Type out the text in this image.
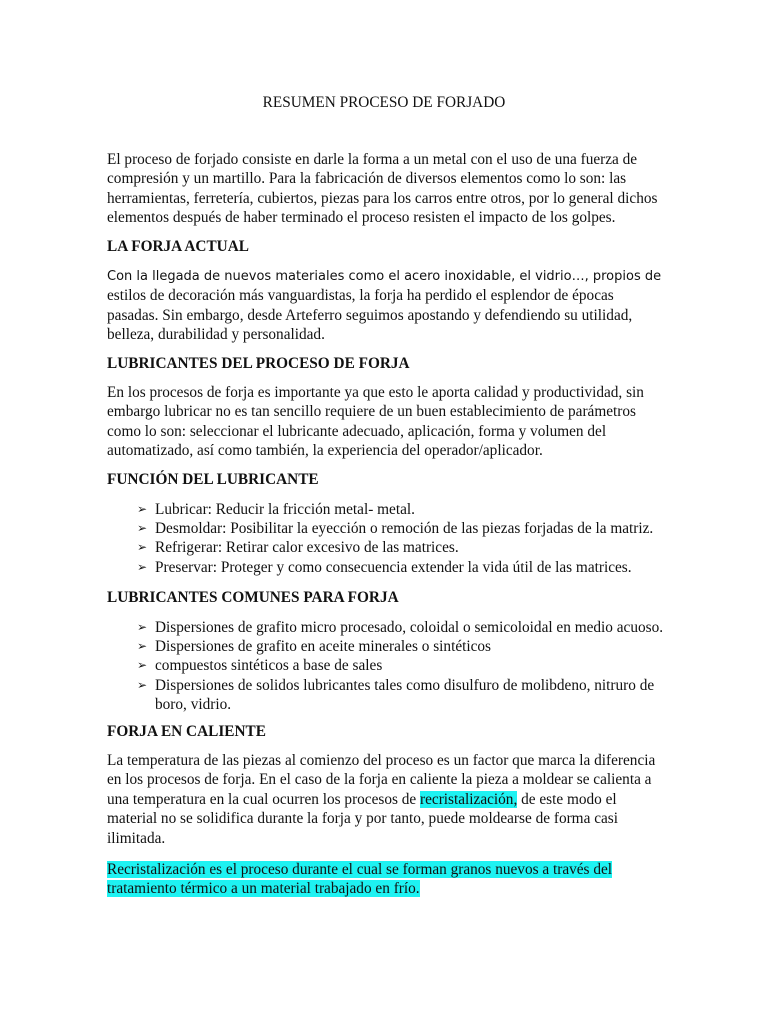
RESUMEN PROCESO DE FORJADO

El proceso de forjado consiste en darle la forma a un metal con el uso de una fuerza de compresión y un martillo. Para la fabricación de diversos elementos como lo son: las herramientas, ferretería, cubiertos, piezas para los carros entre otros, por lo general dichos elementos después de haber terminado el proceso resisten el impacto de los golpes.

LA FORJA ACTUAL

Con la llegada de nuevos materiales como el acero inoxidable, el vidrio…, propios de estilos de decoración más vanguardistas, la forja ha perdido el esplendor de épocas pasadas. Sin embargo, desde Arteferro seguimos apostando y defendiendo su utilidad, belleza, durabilidad y personalidad.

LUBRICANTES DEL PROCESO DE FORJA

En los procesos de forja es importante ya que esto le aporta calidad y productividad, sin embargo lubricar no es tan sencillo requiere de un buen establecimiento de parámetros como lo son: seleccionar el lubricante adecuado, aplicación, forma y volumen del automatizado, así como también, la experiencia del operador/aplicador.

FUNCIÓN DEL LUBRICANTE
➢ Lubricar: Reducir la fricción metal- metal.
➢ Desmoldar: Posibilitar la eyección o remoción de las piezas forjadas de la matriz.
➢ Refrigerar: Retirar calor excesivo de las matrices.
➢ Preservar: Proteger y como consecuencia extender la vida útil de las matrices.
LUBRICANTES COMUNES PARA FORJA
➢ Dispersiones de grafito micro procesado, coloidal o semicoloidal en medio acuoso.
➢ Dispersiones de grafito en aceite minerales o sintéticos
➢ compuestos sintéticos a base de sales
➢ Dispersiones de solidos lubricantes tales como disulfuro de molibdeno, nitruro de boro, vidrio.
FORJA EN CALIENTE

La temperatura de las piezas al comienzo del proceso es un factor que marca la diferencia en los procesos de forja. En el caso de la forja en caliente la pieza a moldear se calienta a una temperatura en la cual ocurren los procesos de recristalización, de este modo el material no se solidifica durante la forja y por tanto, puede moldearse de forma casi ilimitada.

Recristalización es el proceso durante el cual se forman granos nuevos a través del tratamiento térmico a un material trabajado en frío.
